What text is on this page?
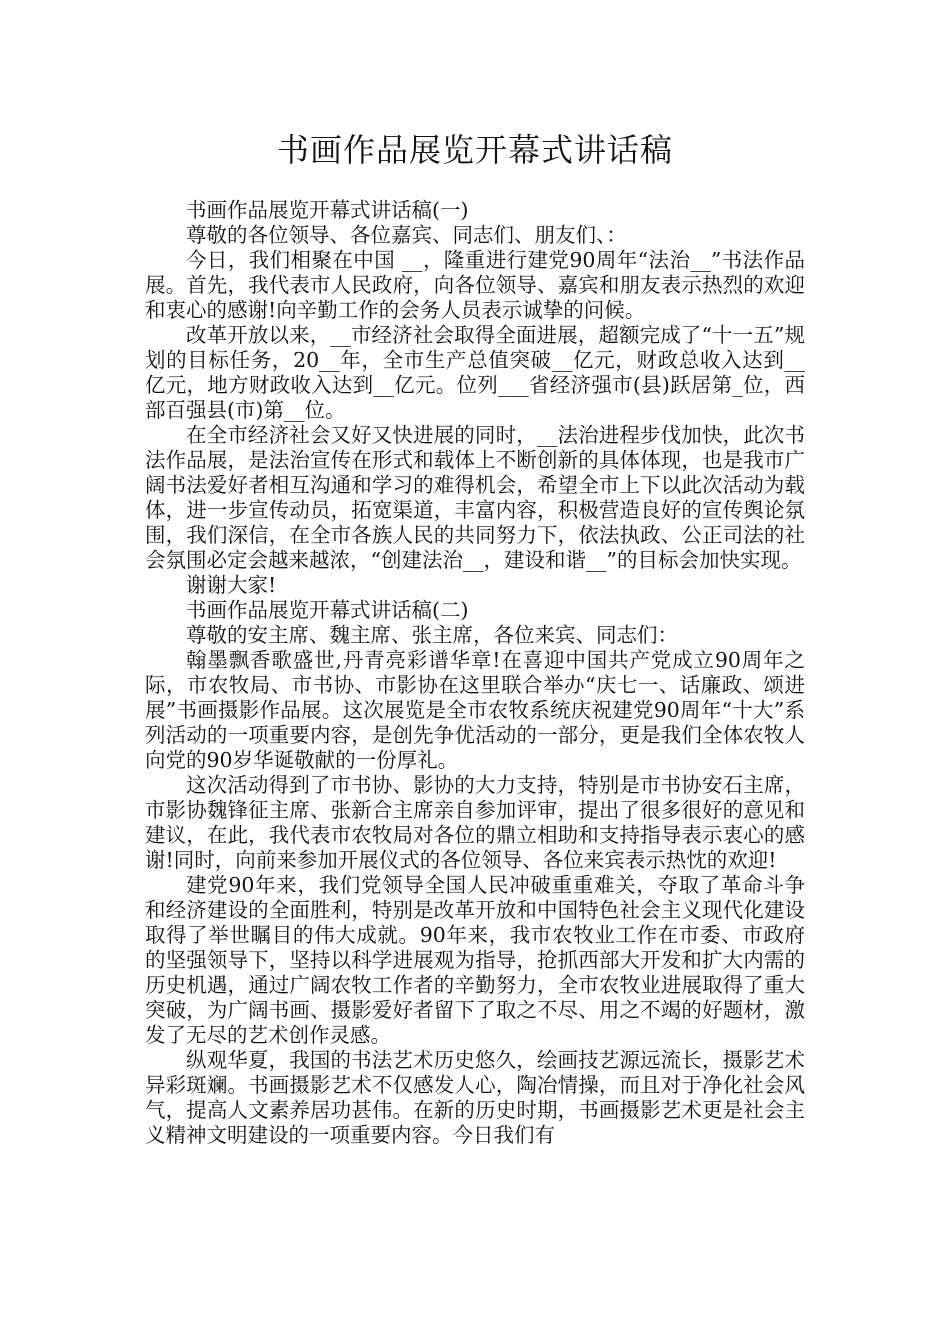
书画作品展览开幕式讲话稿

书画作品展览开幕式讲话稿(一)

尊敬的各位领导、各位嘉宾、同志们、朋友们、：

今日，我们相聚在中国 __，隆重进行建党90周年“法治__”书法作品展。首先，我代表市人民政府，向各位领导、嘉宾和朋友表示热烈的欢迎和衷心的感谢!向辛勤工作的会务人员表示诚挚的问候。

改革开放以来，__市经济社会取得全面进展，超额完成了“十一五”规划的目标任务，20__年，全市生产总值突破__亿元，财政总收入达到__亿元，地方财政收入达到__亿元。位列___省经济强市(县)跃居第_位，西部百强县(市)第__位。

在全市经济社会又好又快进展的同时，__法治进程步伐加快，此次书法作品展，是法治宣传在形式和载体上不断创新的具体体现，也是我市广阔书法爱好者相互沟通和学习的难得机会，希望全市上下以此次活动为载体，进一步宣传动员，拓宽渠道，丰富内容，积极营造良好的宣传舆论氛围，我们深信，在全市各族人民的共同努力下，依法执政、公正司法的社会氛围必定会越来越浓，“创建法治__，建设和谐__”的目标会加快实现。

谢谢大家!

书画作品展览开幕式讲话稿(二)

尊敬的安主席、魏主席、张主席，各位来宾、同志们：

翰墨飘香歌盛世,丹青亮彩谱华章!在喜迎中国共产党成立90周年之际，市农牧局、市书协、市影协在这里联合举办“庆七一、话廉政、颂进展”书画摄影作品展。这次展览是全市农牧系统庆祝建党90周年“十大”系列活动的一项重要内容，是创先争优活动的一部分，更是我们全体农牧人向党的90岁华诞敬献的一份厚礼。

这次活动得到了市书协、影协的大力支持，特别是市书协安石主席，市影协魏锋征主席、张新合主席亲自参加评审，提出了很多很好的意见和建议，在此，我代表市农牧局对各位的鼎立相助和支持指导表示衷心的感谢!同时，向前来参加开展仪式的各位领导、各位来宾表示热忱的欢迎!

建党90年来，我们党领导全国人民冲破重重难关，夺取了革命斗争和经济建设的全面胜利，特别是改革开放和中国特色社会主义现代化建设取得了举世瞩目的伟大成就。90年来，我市农牧业工作在市委、市政府的坚强领导下，坚持以科学进展观为指导，抢抓西部大开发和扩大内需的历史机遇，通过广阔农牧工作者的辛勤努力，全市农牧业进展取得了重大突破，为广阔书画、摄影爱好者留下了取之不尽、用之不竭的好题材，激发了无尽的艺术创作灵感。

纵观华夏，我国的书法艺术历史悠久，绘画技艺源远流长，摄影艺术异彩斑斓。书画摄影艺术不仅感发人心，陶冶情操，而且对于净化社会风气，提高人文素养居功甚伟。在新的历史时期，书画摄影艺术更是社会主义精神文明建设的一项重要内容。今日我们有
